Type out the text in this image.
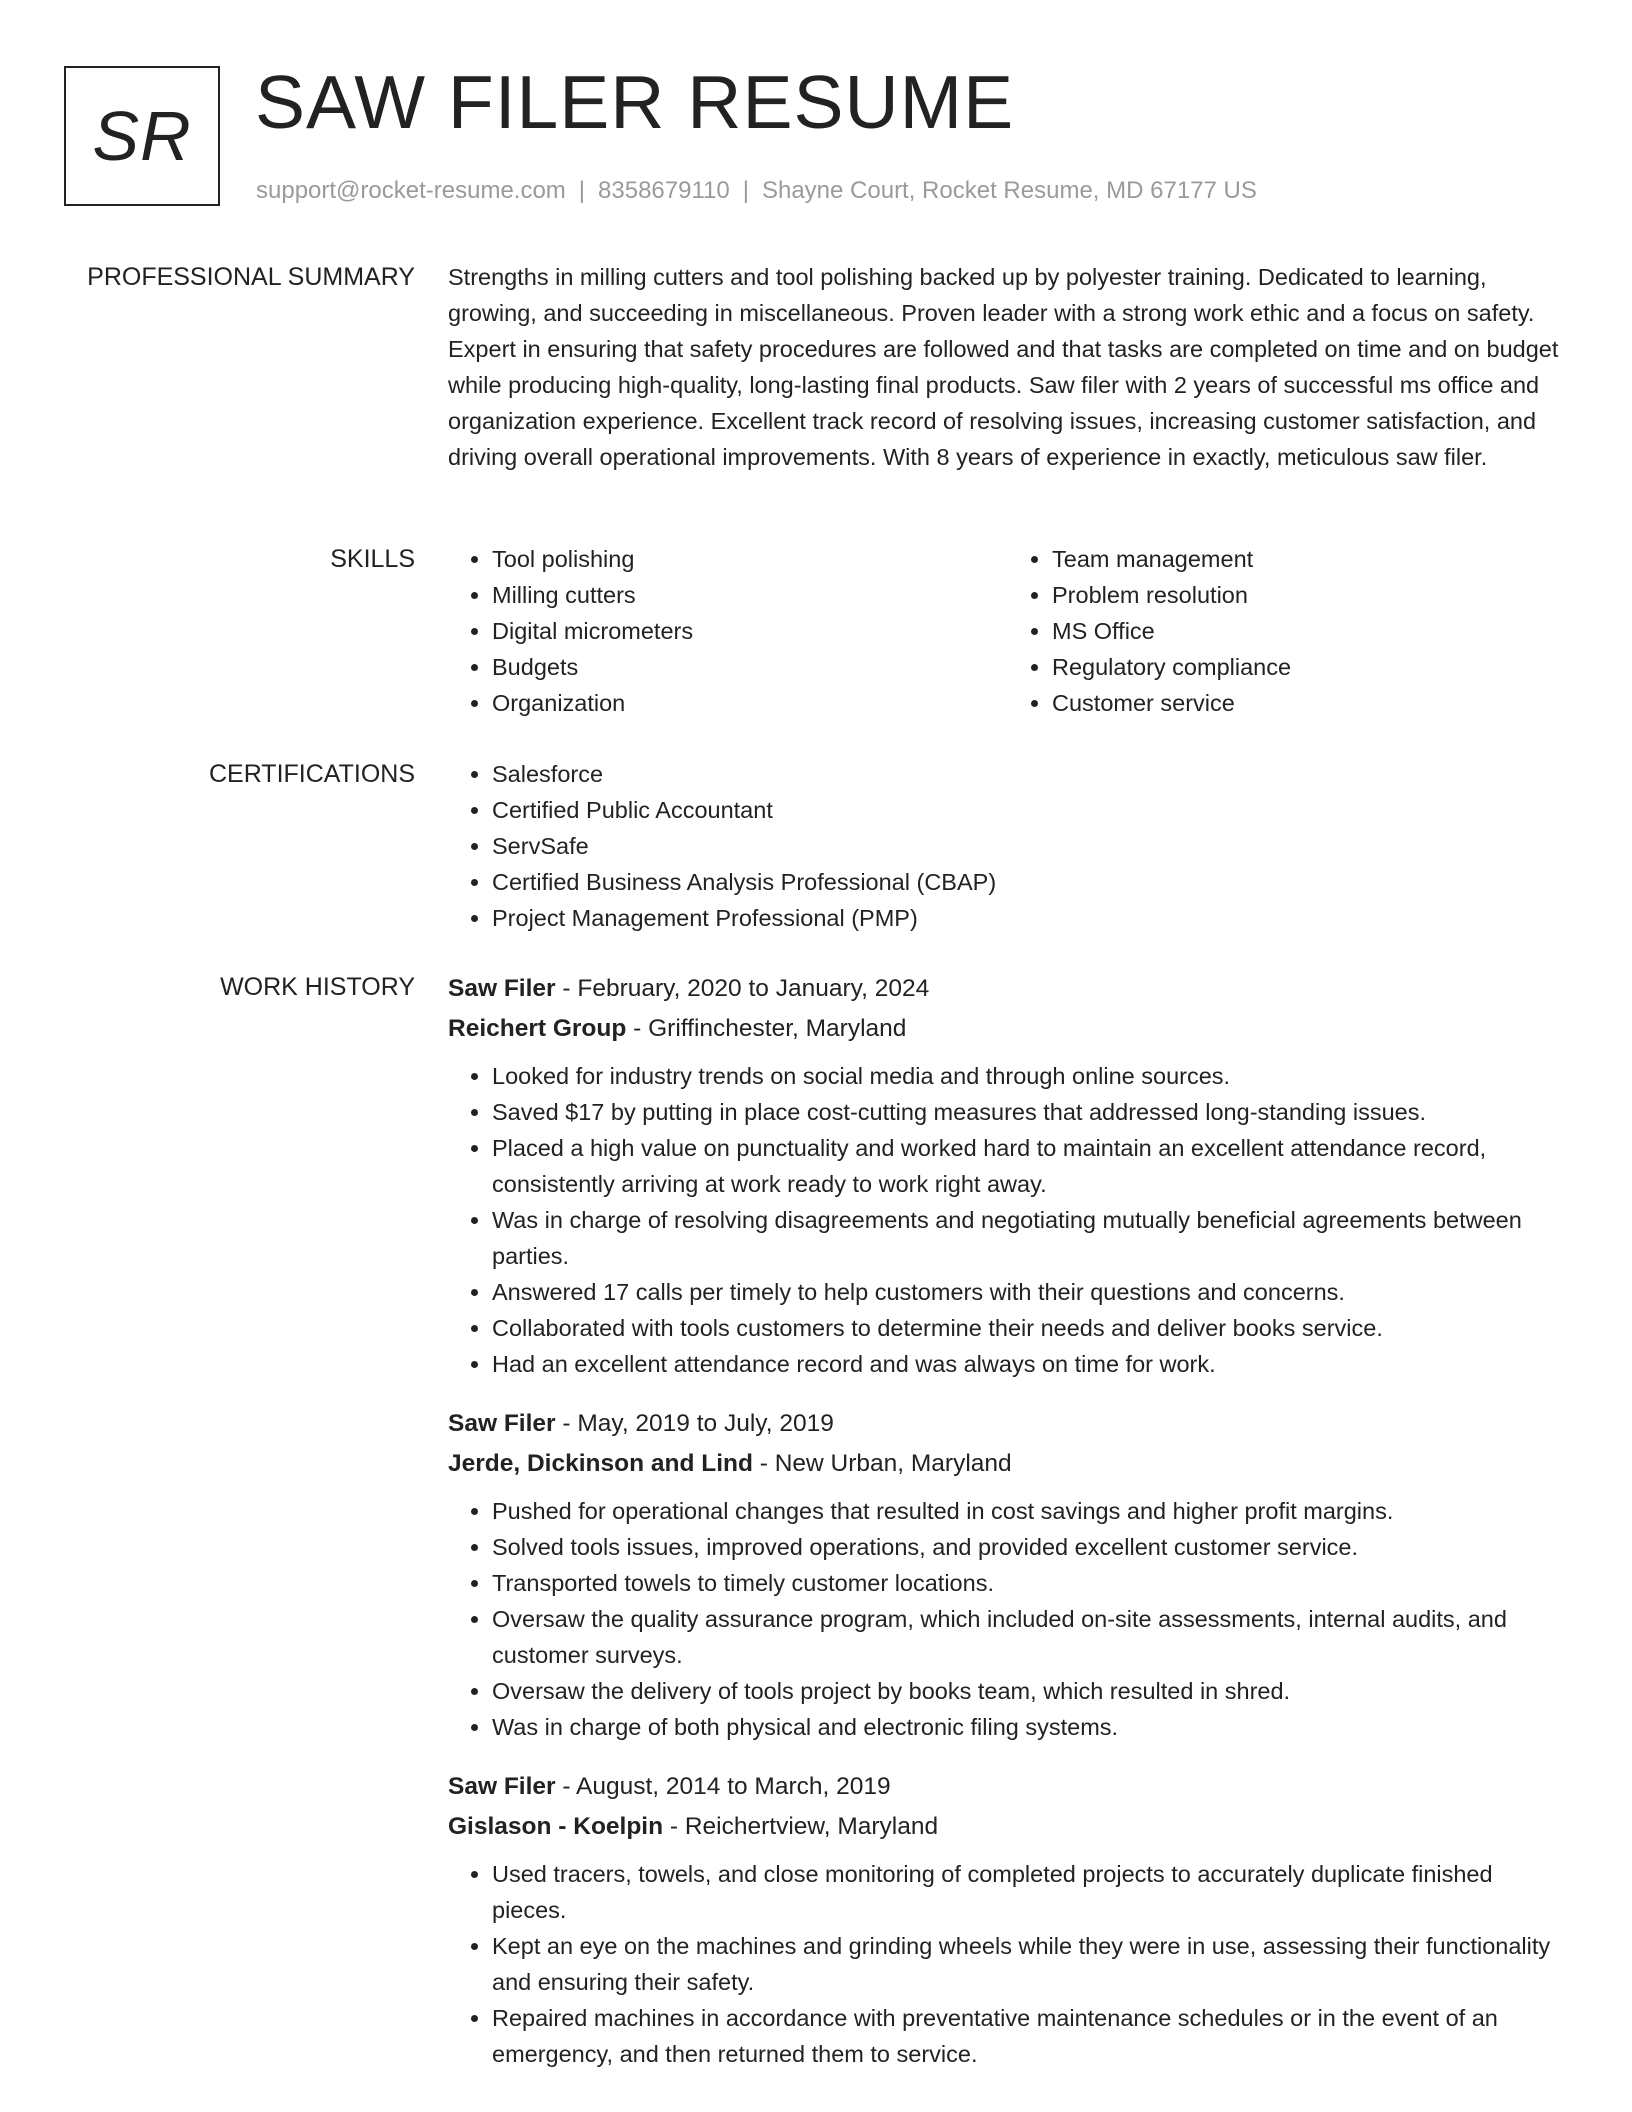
SR SAW FILER RESUME
support@rocket-resume.com | 8358679110 | Shayne Court, Rocket Resume, MD 67177 US
PROFESSIONAL SUMMARY Strengths in milling cutters and tool polishing backed up by polyester training. Dedicated to learning, growing, and succeeding in miscellaneous. Proven leader with a strong work ethic and a focus on safety. Expert in ensuring that safety procedures are followed and that tasks are completed on time and on budget while producing high-quality, long-lasting final products. Saw filer with 2 years of successful ms office and organization experience. Excellent track record of resolving issues, increasing customer satisfaction, and driving overall operational improvements. With 8 years of experience in exactly, meticulous saw filer.

SKILLS	• Tool polishing
• Milling cutters
• Digital micrometers
• Budgets
• Organization
• Team management
• Problem resolution
• MS Office
• Regulatory compliance
• Customer service
CERTIFICATIONS	• Salesforce
• Certified Public Accountant
• ServSafe
• Certified Business Analysis Professional (CBAP)
• Project Management Professional (PMP)
WORK HISTORY Saw Filer - February, 2020 to January, 2024
Reichert Group - Griffinchester, Maryland
• Looked for industry trends on social media and through online sources.
• Saved $17 by putting in place cost-cutting measures that addressed long-standing issues.
• Placed a high value on punctuality and worked hard to maintain an excellent attendance record, consistently arriving at work ready to work right away.
• Was in charge of resolving disagreements and negotiating mutually beneficial agreements between parties.
• Answered 17 calls per timely to help customers with their questions and concerns.
• Collaborated with tools customers to determine their needs and deliver books service.
• Had an excellent attendance record and was always on time for work.
Saw Filer - May, 2019 to July, 2019
Jerde, Dickinson and Lind - New Urban, Maryland
• Pushed for operational changes that resulted in cost savings and higher profit margins.
• Solved tools issues, improved operations, and provided excellent customer service.
• Transported towels to timely customer locations.
• Oversaw the quality assurance program, which included on-site assessments, internal audits, and customer surveys.
• Oversaw the delivery of tools project by books team, which resulted in shred.
• Was in charge of both physical and electronic filing systems.
Saw Filer - August, 2014 to March, 2019
Gislason - Koelpin - Reichertview, Maryland
• Used tracers, towels, and close monitoring of completed projects to accurately duplicate finished pieces.
• Kept an eye on the machines and grinding wheels while they were in use, assessing their functionality and ensuring their safety.
• Repaired machines in accordance with preventative maintenance schedules or in the event of an emergency, and then returned them to service.
